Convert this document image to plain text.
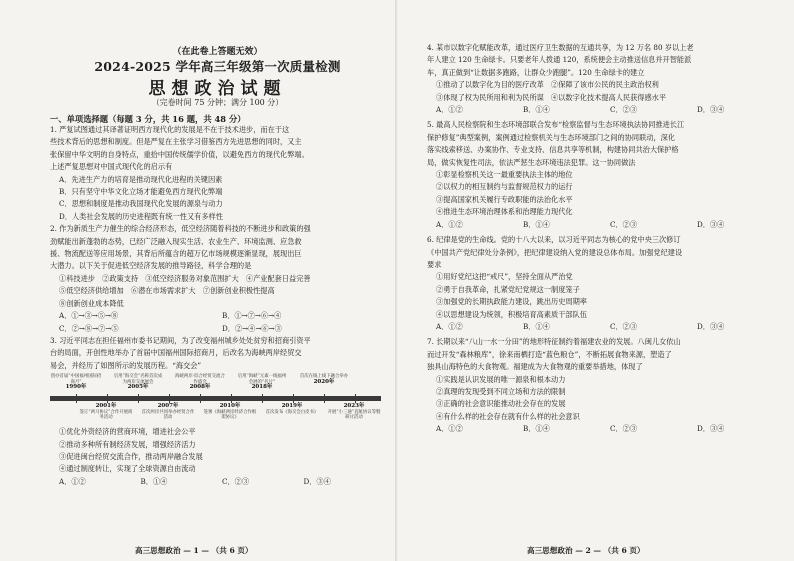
（在此卷上答题无效）
2024-2025 学年高三年级第一次质量检测
思想政治试题
（完卷时间 75 分钟；满分 100 分）
一、单项选择题（每题 3 分，共 16 题，共 48 分）

1. 严复试图通过其译著证明西方现代化的发展是不在于技术进步，而在于这

些技术背后的思想和制度。但是严复在主张学习借鉴西方先进思想的同时，又主

张保留中华文明的自身特点，重拾中国传统儒学价值，以避免西方的现代化弊端。

上述严复思想对中国式现代化的启示有

A．先进生产力的培育是推动现代化进程的关键因素

B．只有坚守中华文化立场才能避免西方现代化弊端

C．思想和制度是推动我国现代化发展的源泉与动力

D．人类社会发展的历史进程既有统一性又有多样性

2. 作为新质生产力催生的综合经济形态，低空经济随着科技的不断进步和政策的强

劲赋能出新蓬勃的态势，已经广泛融入现实生活、农业生产、环境监测、应急救

援、物流配送等应用场景，其背后所蕴含的超万亿市场规模逐渐显现，展现出巨

大潜力。以下关于促进低空经济发展的推导路径，科学合理的是

①科技进步　②政策支持　③低空经济服务对象范围扩大　④产业配套日益完善

⑤低空经济供给增加　⑥潜在市场需求扩大　⑦创新创业积极性提高

⑧创新创业成本降低

A．①→③→⑤→⑧	B．①→⑦→⑥→④
C．②→⑧→⑦→⑤	D．②→④→⑥→③

3. 习近平同志在担任福州市委书记期间，为了改变福州城乡处处贫穷和招商引资平

台的局面，开创性地举办了首届中国福州国际招商月，后改名为海峡两岸经贸交

易会，并经历了如图所示的发展历程。“海交会”

创办首届“中国福州国际招商月”
1990年
启用“海交会”名称首次成为两岸交流展会
2005年
海峡两岸·综合经贸交流合作盛会
2008年
启用“海峡”元素一线福州会展的“名片”
2018年
首次在线上线下融合举办
2020年
2001年
签订“两马协议”合作开展商务活动
2007年
首次两岸共同举办经贸合作活动
2010年
签署《海峡两岸经济合作框架协议》
2019年
首次发布《海交会白皮书》
2023年
开展“小三通”直航协议等暨研讨活动

①优化外资经济的营商环境，增进社会公平

②推动多种所有制经济发展，增强经济活力

③促进闽台经贸交流合作，推动两岸融合发展

④通过制度转让，实现了全球资源自由流动

A．①②	B．①④	C．②③	D．③④
高三思想政治 — 1 — （共 6 页）

4. 某市以数字化赋能改革，通过医疗卫生数据的互通共享，为 12 万名 80 岁以上老

年人建立 120 生命绿卡。只要老年人拨通 120，系统便会主动推送信息并开智能派

车，真正做到“让数据多跑路，让群众少跑腿”。120 生命绿卡的建立

①推动了以数字化为目的医疗改革　②保障了该市公民的民主政治权利

③体现了权为民所用和利为民所谋　④以数字化技术提高人民获得感水平

A．①②	B．①④	C．②③	D．③④

5. 最高人民检察院和生态环境部联合发布“检察监督与生态环境执法协同推进长江

保护修复”典型案例，案例通过检察机关与生态环境部门之间的协同联动，深化

落实线索移送、办案协作、专业支持、信息共享等机制，构建协同共治大保护格

局，做实恢复性司法，依法严惩生态环境违法犯罪。这一协同做法

①彰显检察机关这一最重要执法主体的地位

②以权力的相互制约与监督规范权力的运行

③提高国家机关履行专政职能的法治化水平

④推进生态环境治理体系和治理能力现代化

A．①②	B．①④	C．②③	D．③④

6. 纪律是党的生命线。党的十八大以来，以习近平同志为核心的党中央三次修订

《中国共产党纪律处分条例》，把纪律建设纳入党的建设总体布局。加强党纪建设

要求

①用好党纪这把“戒尺”，坚持全面从严治党

②勇于自我革命，扎紧党纪党规这一制度笼子

③加强党的长期执政能力建设，跳出历史周期率

④以思想建设为统领，积极培育高素质干部队伍

A．①②	B．①④	C．②③	D．③④

7. 长期以来“八山一水一分田”的地形特征制约着福建农业的发展。八闽儿女依山

而过开发“森林粮库”，徐来南栖打造“蓝色粮仓”，不断拓展食物来源，塑造了

独具山海特色的大食物观。福建成为大食物观的重要举措地，体现了

①实践是认识发展的唯一源泉和根本动力

②真理的发现受到不同立场和方法的限制

③正确的社会意识能推动社会存在的发展

④有什么样的社会存在就有什么样的社会意识

A．①②	B．①④	C．②③	D．③④
高三思想政治 — 2 — （共 6 页）
